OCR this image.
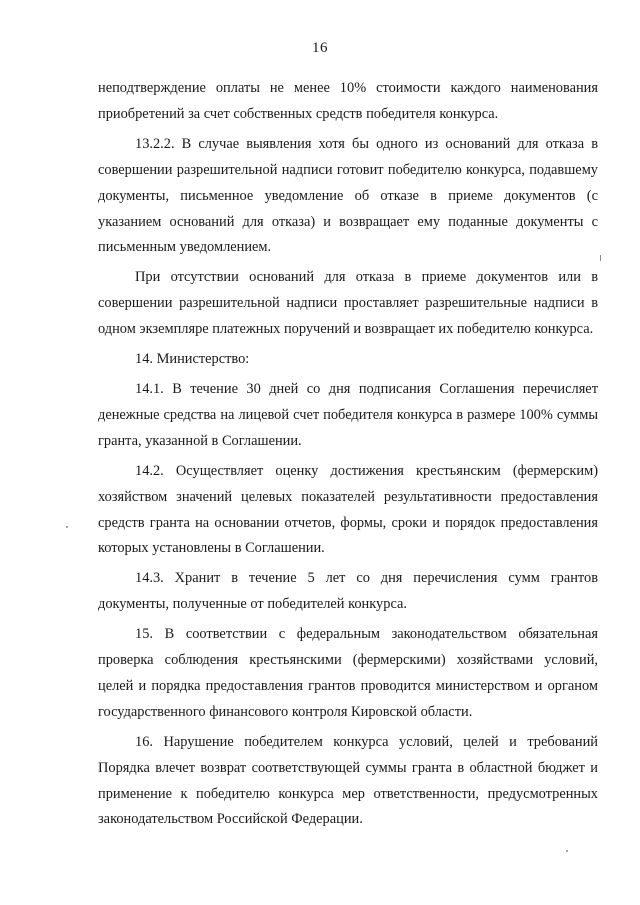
16

неподтверждение оплаты не менее 10% стоимости каждого наименования приобретений за счет собственных средств победителя конкурса.

13.2.2. В случае выявления хотя бы одного из оснований для отказа в совершении разрешительной надписи готовит победителю конкурса, подавшему документы, письменное уведомление об отказе в приеме документов (с указанием оснований для отказа) и возвращает ему поданные документы с письменным уведомлением.

При отсутствии оснований для отказа в приеме документов или в совершении разрешительной надписи проставляет разрешительные надписи в одном экземпляре платежных поручений и возвращает их победителю конкурса.

14. Министерство:

14.1. В течение 30 дней со дня подписания Соглашения перечисляет денежные средства на лицевой счет победителя конкурса в размере 100% суммы гранта, указанной в Соглашении.

14.2. Осуществляет оценку достижения крестьянским (фермерским) хозяйством значений целевых показателей результативности предоставления средств гранта на основании отчетов, формы, сроки и порядок предоставления которых установлены в Соглашении.

14.3. Хранит в течение 5 лет со дня перечисления сумм грантов документы, полученные от победителей конкурса.

15. В соответствии с федеральным законодательством обязательная проверка соблюдения крестьянскими (фермерскими) хозяйствами условий, целей и порядка предоставления грантов проводится министерством и органом государственного финансового контроля Кировской области.

16. Нарушение победителем конкурса условий, целей и требований Порядка влечет возврат соответствующей суммы гранта в областной бюджет и применение к победителю конкурса мер ответственности, предусмотренных законодательством Российской Федерации.
